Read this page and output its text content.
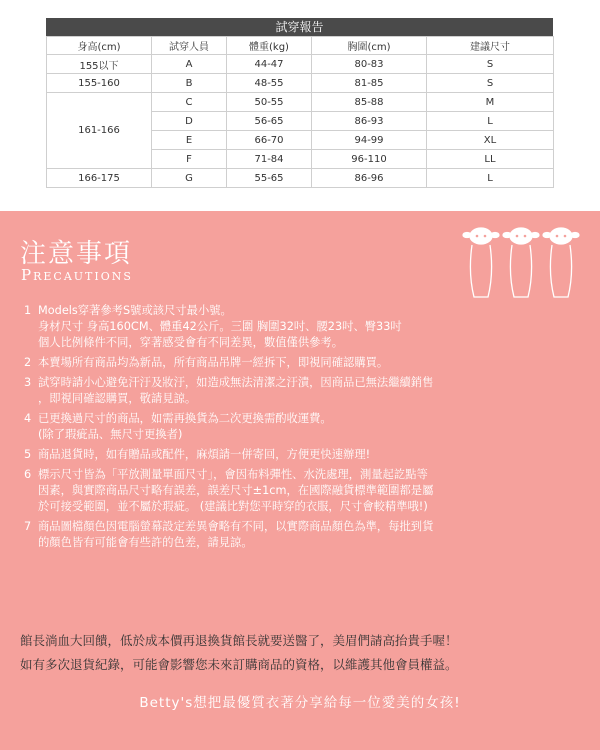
試穿報告
身高(cm)	試穿人員	體重(kg)	胸圍(cm)	建議尺寸
155以下	A	44-47	80-83	S
155-160	B	48-55	81-85	S
161-166	C	50-55	85-88	M
	D	56-65	86-93	L
	E	66-70	94-99	XL
	F	71-84	96-110	LL
166-175	G	55-65	86-96	L
注意事項
Precautions
1 Models穿著參考S號或該尺寸最小號。
身材尺寸 身高160CM、體重42公斤。三圍 胸圍32吋、腰23吋、臀33吋
個人比例條件不同，穿著感受會有不同差異，數值僅供參考。
2 本賣場所有商品均為新品，所有商品吊牌一經拆下，即視同確認購買。
3 試穿時請小心避免汗汙及妝汙，如造成無法清潔之汙漬，因商品已無法繼續銷售
，即視同確認購買，敬請見諒。
4 已更換過尺寸的商品，如需再換貨為二次更換需酌收運費。
(除了瑕疵品、無尺寸更換者)
5 商品退貨時，如有贈品或配件，麻煩請一併寄回，方便更快速辦理!
6 標示尺寸皆為「平放測量單面尺寸」，會因布料彈性、水洗處理，測量起訖點等
因素，與實際商品尺寸略有誤差，誤差尺寸±1cm，在國際融貨標準範圍都是屬
於可接受範圍，並不屬於瑕疵。 (建議比對您平時穿的衣服，尺寸會較精準哦!)
7 商品圖檔顏色因電腦螢幕設定差異會略有不同，以實際商品顏色為準，每批到貨
的顏色皆有可能會有些許的色差，請見諒。
館長淌血大回饋，低於成本價再退換貨館長就要送醫了，美眉們請高抬貴手喔！
如有多次退貨紀錄，可能會影響您未來訂購商品的資格，以維護其他會員權益。
Betty's想把最優質衣著分享給每一位愛美的女孩!
